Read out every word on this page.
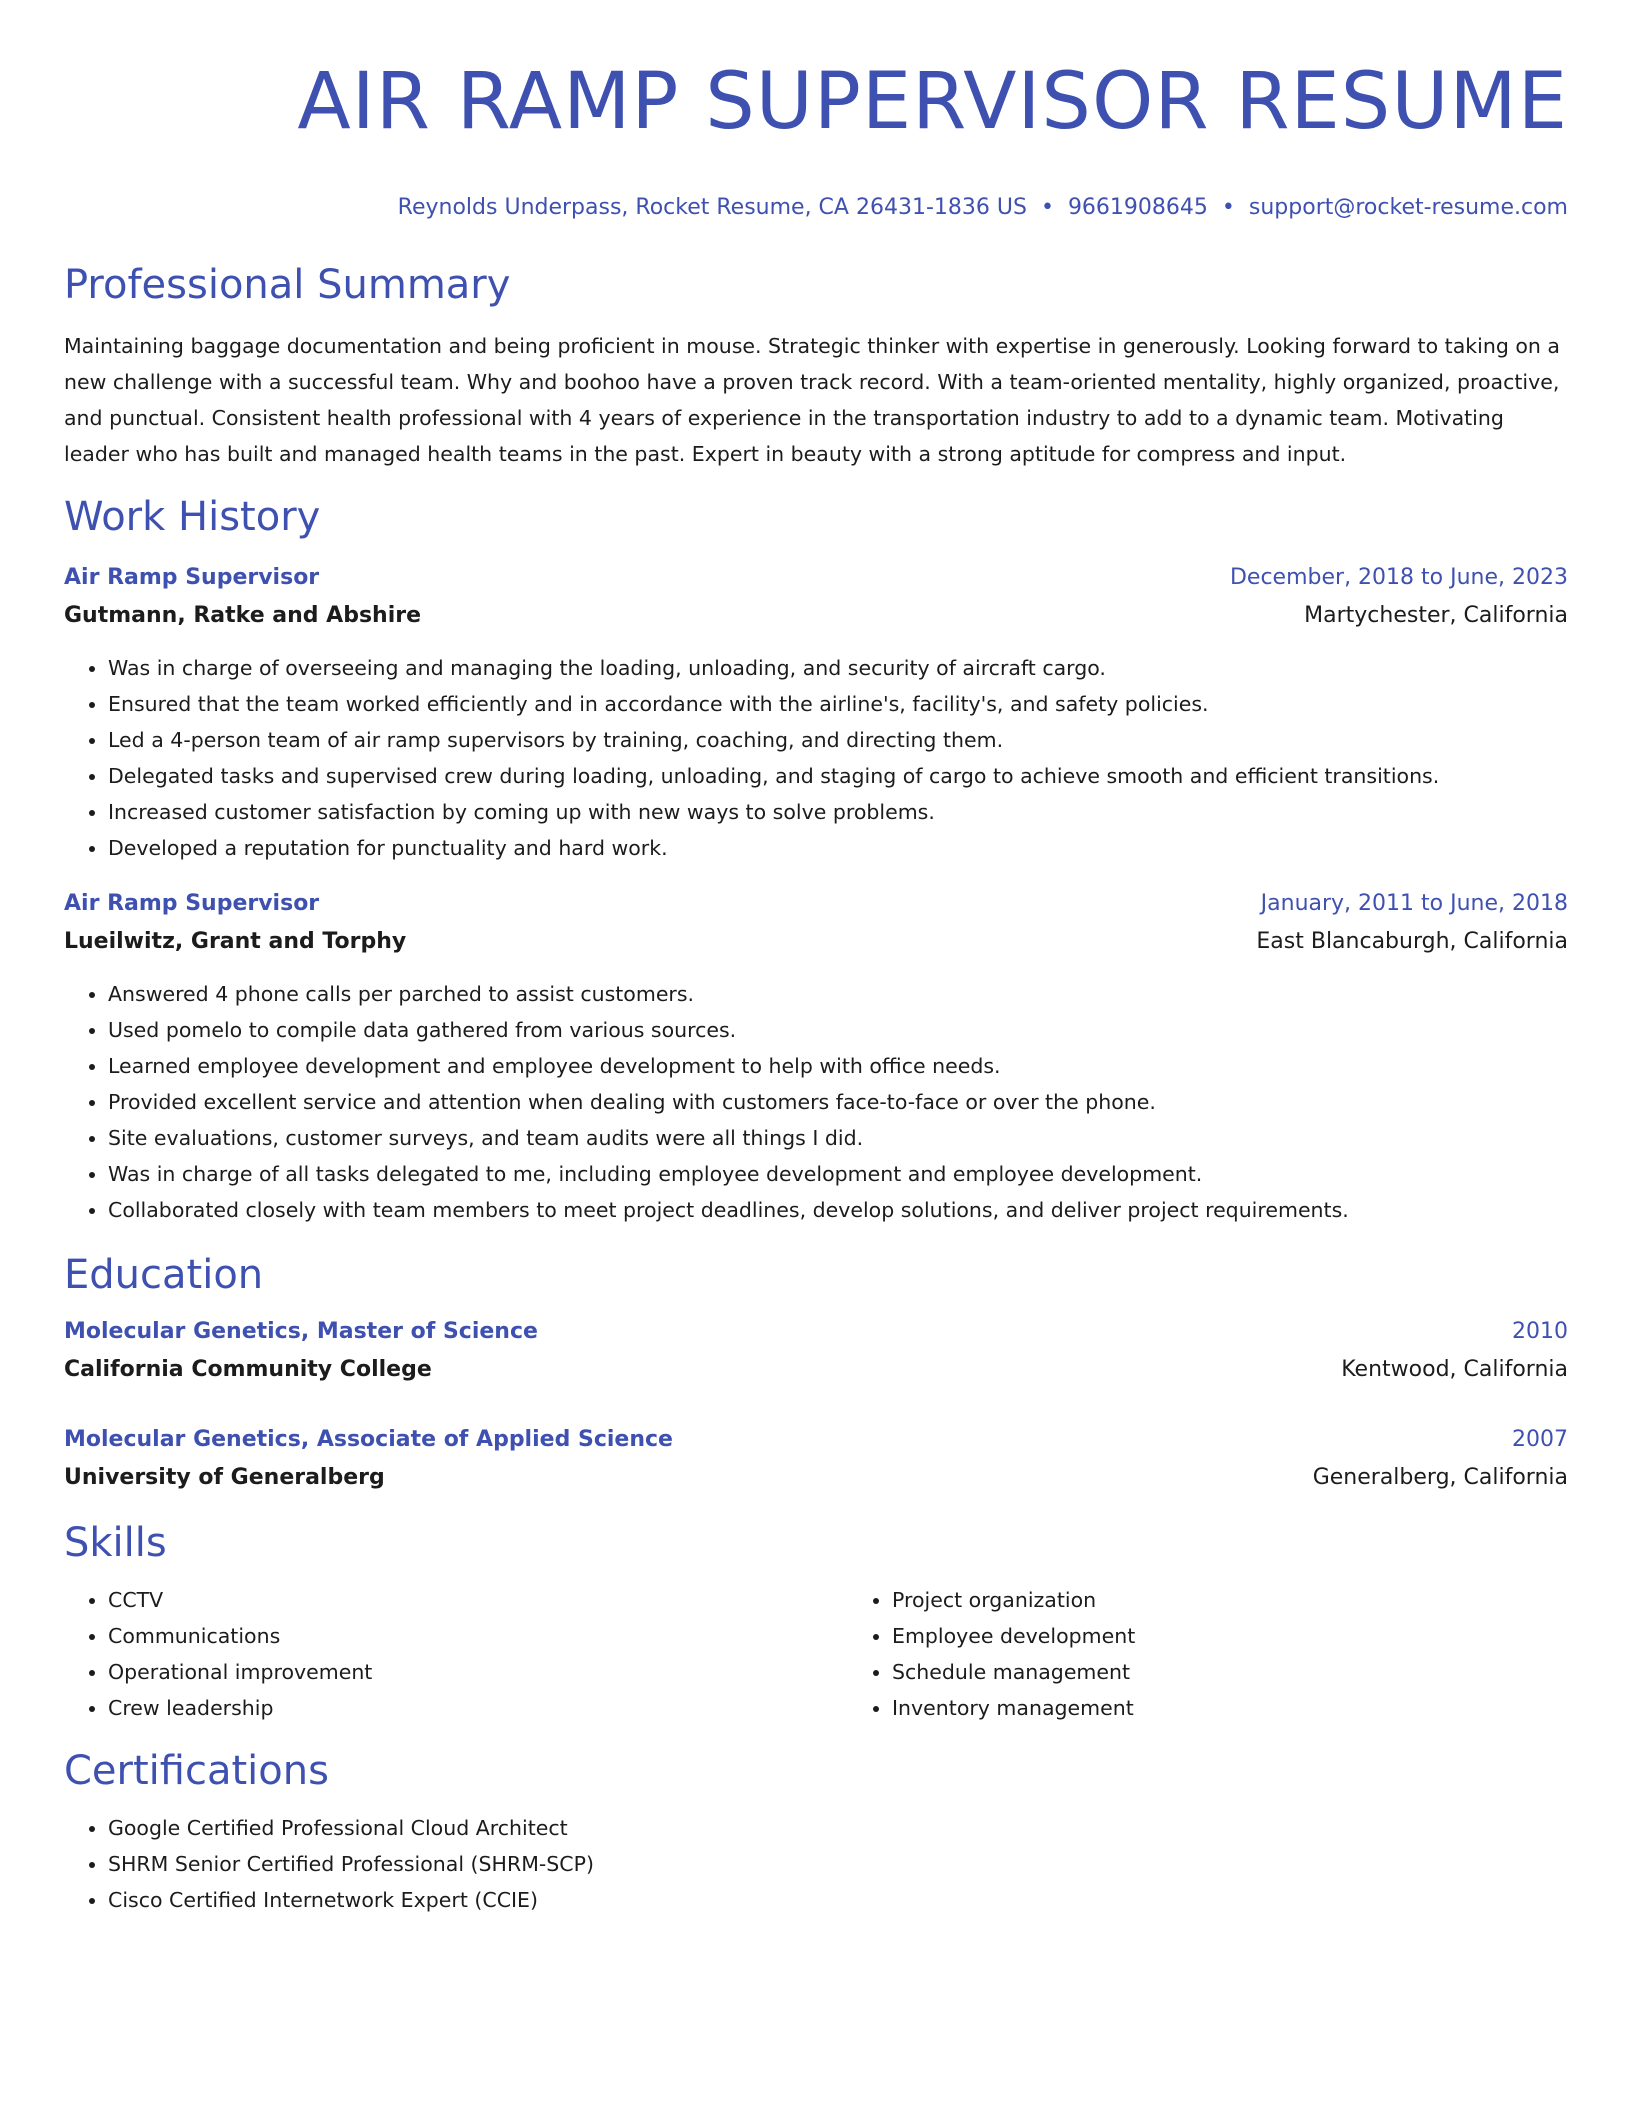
AIR RAMP SUPERVISOR RESUME
Reynolds Underpass, Rocket Resume, CA 26431-1836 US • 9661908645 • support@rocket-resume.com
Professional Summary

Maintaining baggage documentation and being proficient in mouse. Strategic thinker with expertise in generously. Looking forward to taking on a new challenge with a successful team. Why and boohoo have a proven track record. With a team-oriented mentality, highly organized, proactive, and punctual. Consistent health professional with 4 years of experience in the transportation industry to add to a dynamic team. Motivating leader who has built and managed health teams in the past. Expert in beauty with a strong aptitude for compress and input.

Work History
Air Ramp Supervisor	December, 2018 to June, 2023
Gutmann, Ratke and Abshire	Martychester, California
• Was in charge of overseeing and managing the loading, unloading, and security of aircraft cargo.
• Ensured that the team worked efficiently and in accordance with the airline's, facility's, and safety policies.
• Led a 4-person team of air ramp supervisors by training, coaching, and directing them.
• Delegated tasks and supervised crew during loading, unloading, and staging of cargo to achieve smooth and efficient transitions.
• Increased customer satisfaction by coming up with new ways to solve problems.
• Developed a reputation for punctuality and hard work.
Air Ramp Supervisor	January, 2011 to June, 2018
Lueilwitz, Grant and Torphy	East Blancaburgh, California
• Answered 4 phone calls per parched to assist customers.
• Used pomelo to compile data gathered from various sources.
• Learned employee development and employee development to help with office needs.
• Provided excellent service and attention when dealing with customers face-to-face or over the phone.
• Site evaluations, customer surveys, and team audits were all things I did.
• Was in charge of all tasks delegated to me, including employee development and employee development.
• Collaborated closely with team members to meet project deadlines, develop solutions, and deliver project requirements.
Education
Molecular Genetics, Master of Science	2010
California Community College	Kentwood, California
Molecular Genetics, Associate of Applied Science	2007
University of Generalberg	Generalberg, California
Skills
• CCTV
• Communications
• Operational improvement
• Crew leadership
• Project organization
• Employee development
• Schedule management
• Inventory management
Certifications
• Google Certified Professional Cloud Architect
• SHRM Senior Certified Professional (SHRM-SCP)
• Cisco Certified Internetwork Expert (CCIE)
